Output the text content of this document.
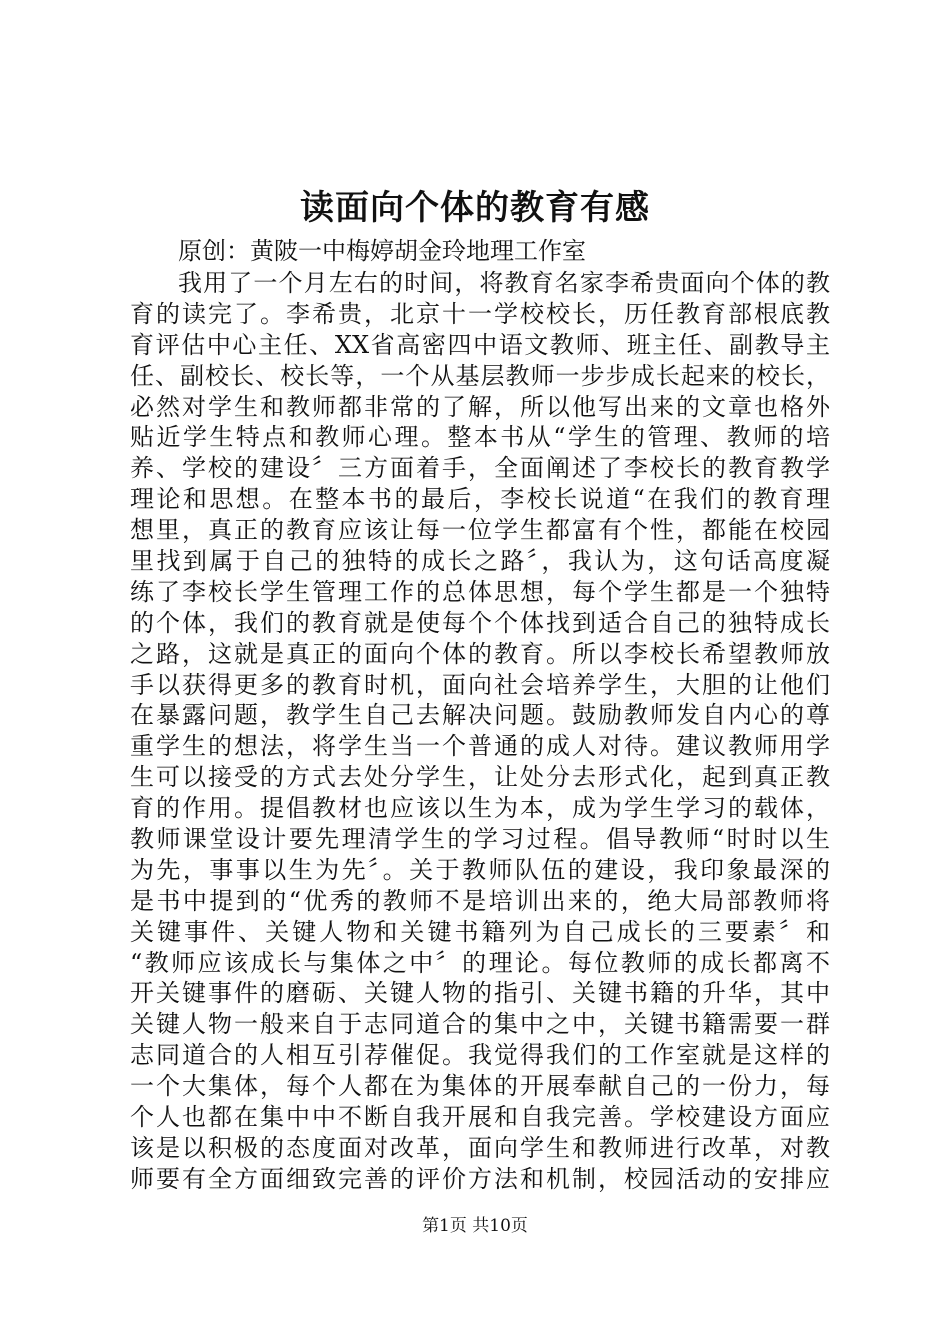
读面向个体的教育有感
原创：黄陂一中梅婷胡金玲地理工作室
我用了一个月左右的时间，将教育名家李希贵面向个体的教
育的读完了。李希贵，北京十一学校校长，历任教育部根底教
育评估中心主任、XX省高密四中语文教师、班主任、副教导主
任、副校长、校长等，一个从基层教师一步步成长起来的校长，
必然对学生和教师都非常的了解，所以他写出来的文章也格外
贴近学生特点和教师心理。整本书从“学生的管理、教师的培
养、学校的建设〞三方面着手，全面阐述了李校长的教育教学
理论和思想。在整本书的最后，李校长说道“在我们的教育理
想里，真正的教育应该让每一位学生都富有个性，都能在校园
里找到属于自己的独特的成长之路〞，我认为，这句话高度凝
练了李校长学生管理工作的总体思想，每个学生都是一个独特
的个体，我们的教育就是使每个个体找到适合自己的独特成长
之路，这就是真正的面向个体的教育。所以李校长希望教师放
手以获得更多的教育时机，面向社会培养学生，大胆的让他们
在暴露问题，教学生自己去解决问题。鼓励教师发自内心的尊
重学生的想法，将学生当一个普通的成人对待。建议教师用学
生可以接受的方式去处分学生，让处分去形式化，起到真正教
育的作用。提倡教材也应该以生为本，成为学生学习的载体，
教师课堂设计要先理清学生的学习过程。倡导教师“时时以生
为先，事事以生为先〞。关于教师队伍的建设，我印象最深的
是书中提到的“优秀的教师不是培训出来的，绝大局部教师将
关键事件、关键人物和关键书籍列为自己成长的三要素〞和
“教师应该成长与集体之中〞的理论。每位教师的成长都离不
开关键事件的磨砺、关键人物的指引、关键书籍的升华，其中
关键人物一般来自于志同道合的集中之中，关键书籍需要一群
志同道合的人相互引荐催促。我觉得我们的工作室就是这样的
一个大集体，每个人都在为集体的开展奉献自己的一份力，每
个人也都在集中中不断自我开展和自我完善。学校建设方面应
该是以积极的态度面对改革，面向学生和教师进行改革，对教
师要有全方面细致完善的评价方法和机制，校园活动的安排应
第1页 共10页
